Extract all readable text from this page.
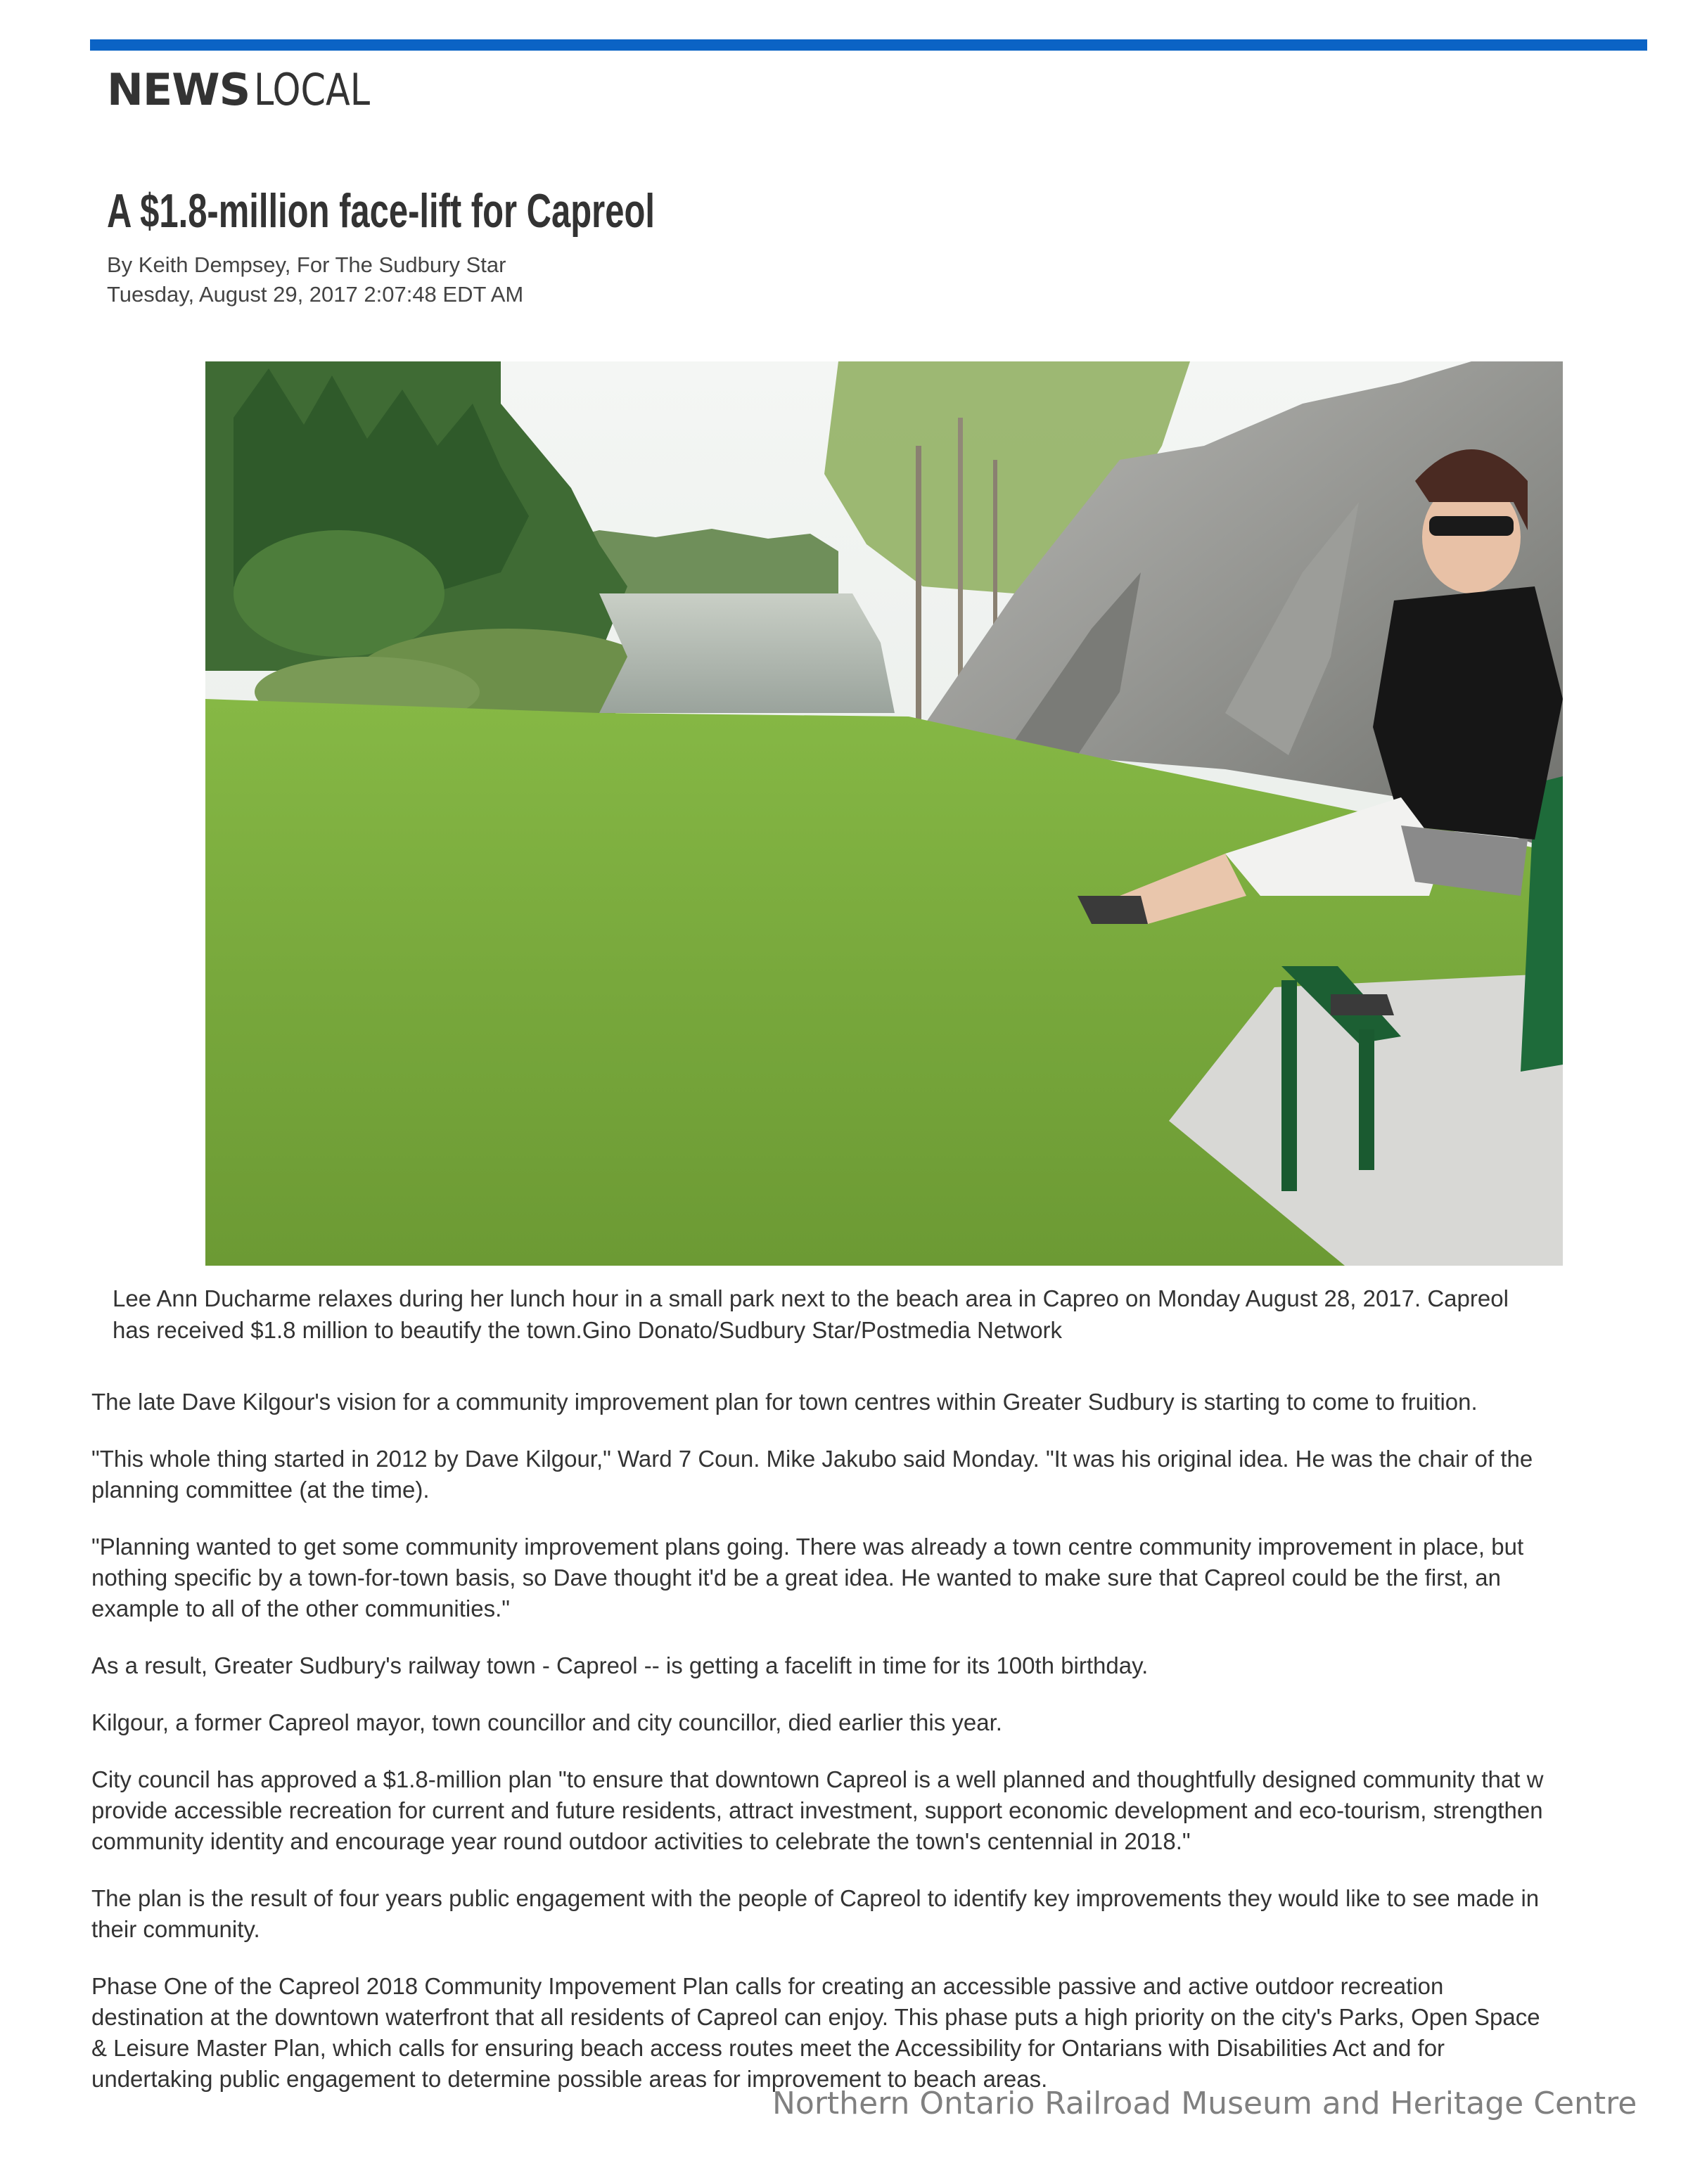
NEWSLOCAL
A $1.8-million face-lift for Capreol
By Keith Dempsey, For The Sudbury Star
Tuesday, August 29, 2017 2:07:48 EDT AM
Lee Ann Ducharme relaxes during her lunch hour in a small park next to the beach area in Capreo on Monday August 28, 2017. Capreol
has received $1.8 million to beautify the town.Gino Donato/Sudbury Star/Postmedia Network

The late Dave Kilgour's vision for a community improvement plan for town centres within Greater Sudbury is starting to come to fruition.

"This whole thing started in 2012 by Dave Kilgour," Ward 7 Coun. Mike Jakubo said Monday. "It was his original idea. He was the chair of the
planning committee (at the time).

"Planning wanted to get some community improvement plans going. There was already a town centre community improvement in place, but
nothing specific by a town-for-town basis, so Dave thought it'd be a great idea. He wanted to make sure that Capreol could be the first, an
example to all of the other communities."

As a result, Greater Sudbury's railway town - Capreol -- is getting a facelift in time for its 100th birthday.

Kilgour, a former Capreol mayor, town councillor and city councillor, died earlier this year.

City council has approved a $1.8-million plan "to ensure that downtown Capreol is a well planned and thoughtfully designed community that w
provide accessible recreation for current and future residents, attract investment, support economic development and eco-tourism, strengthen
community identity and encourage year round outdoor activities to celebrate the town's centennial in 2018."

The plan is the result of four years public engagement with the people of Capreol to identify key improvements they would like to see made in
their community.

Phase One of the Capreol 2018 Community Impovement Plan calls for creating an accessible passive and active outdoor recreation
destination at the downtown waterfront that all residents of Capreol can enjoy. This phase puts a high priority on the city's Parks, Open Space
& Leisure Master Plan, which calls for ensuring beach access routes meet the Accessibility for Ontarians with Disabilities Act and for
undertaking public engagement to determine possible areas for improvement to beach areas.

Northern Ontario Railroad Museum and Heritage Centre
